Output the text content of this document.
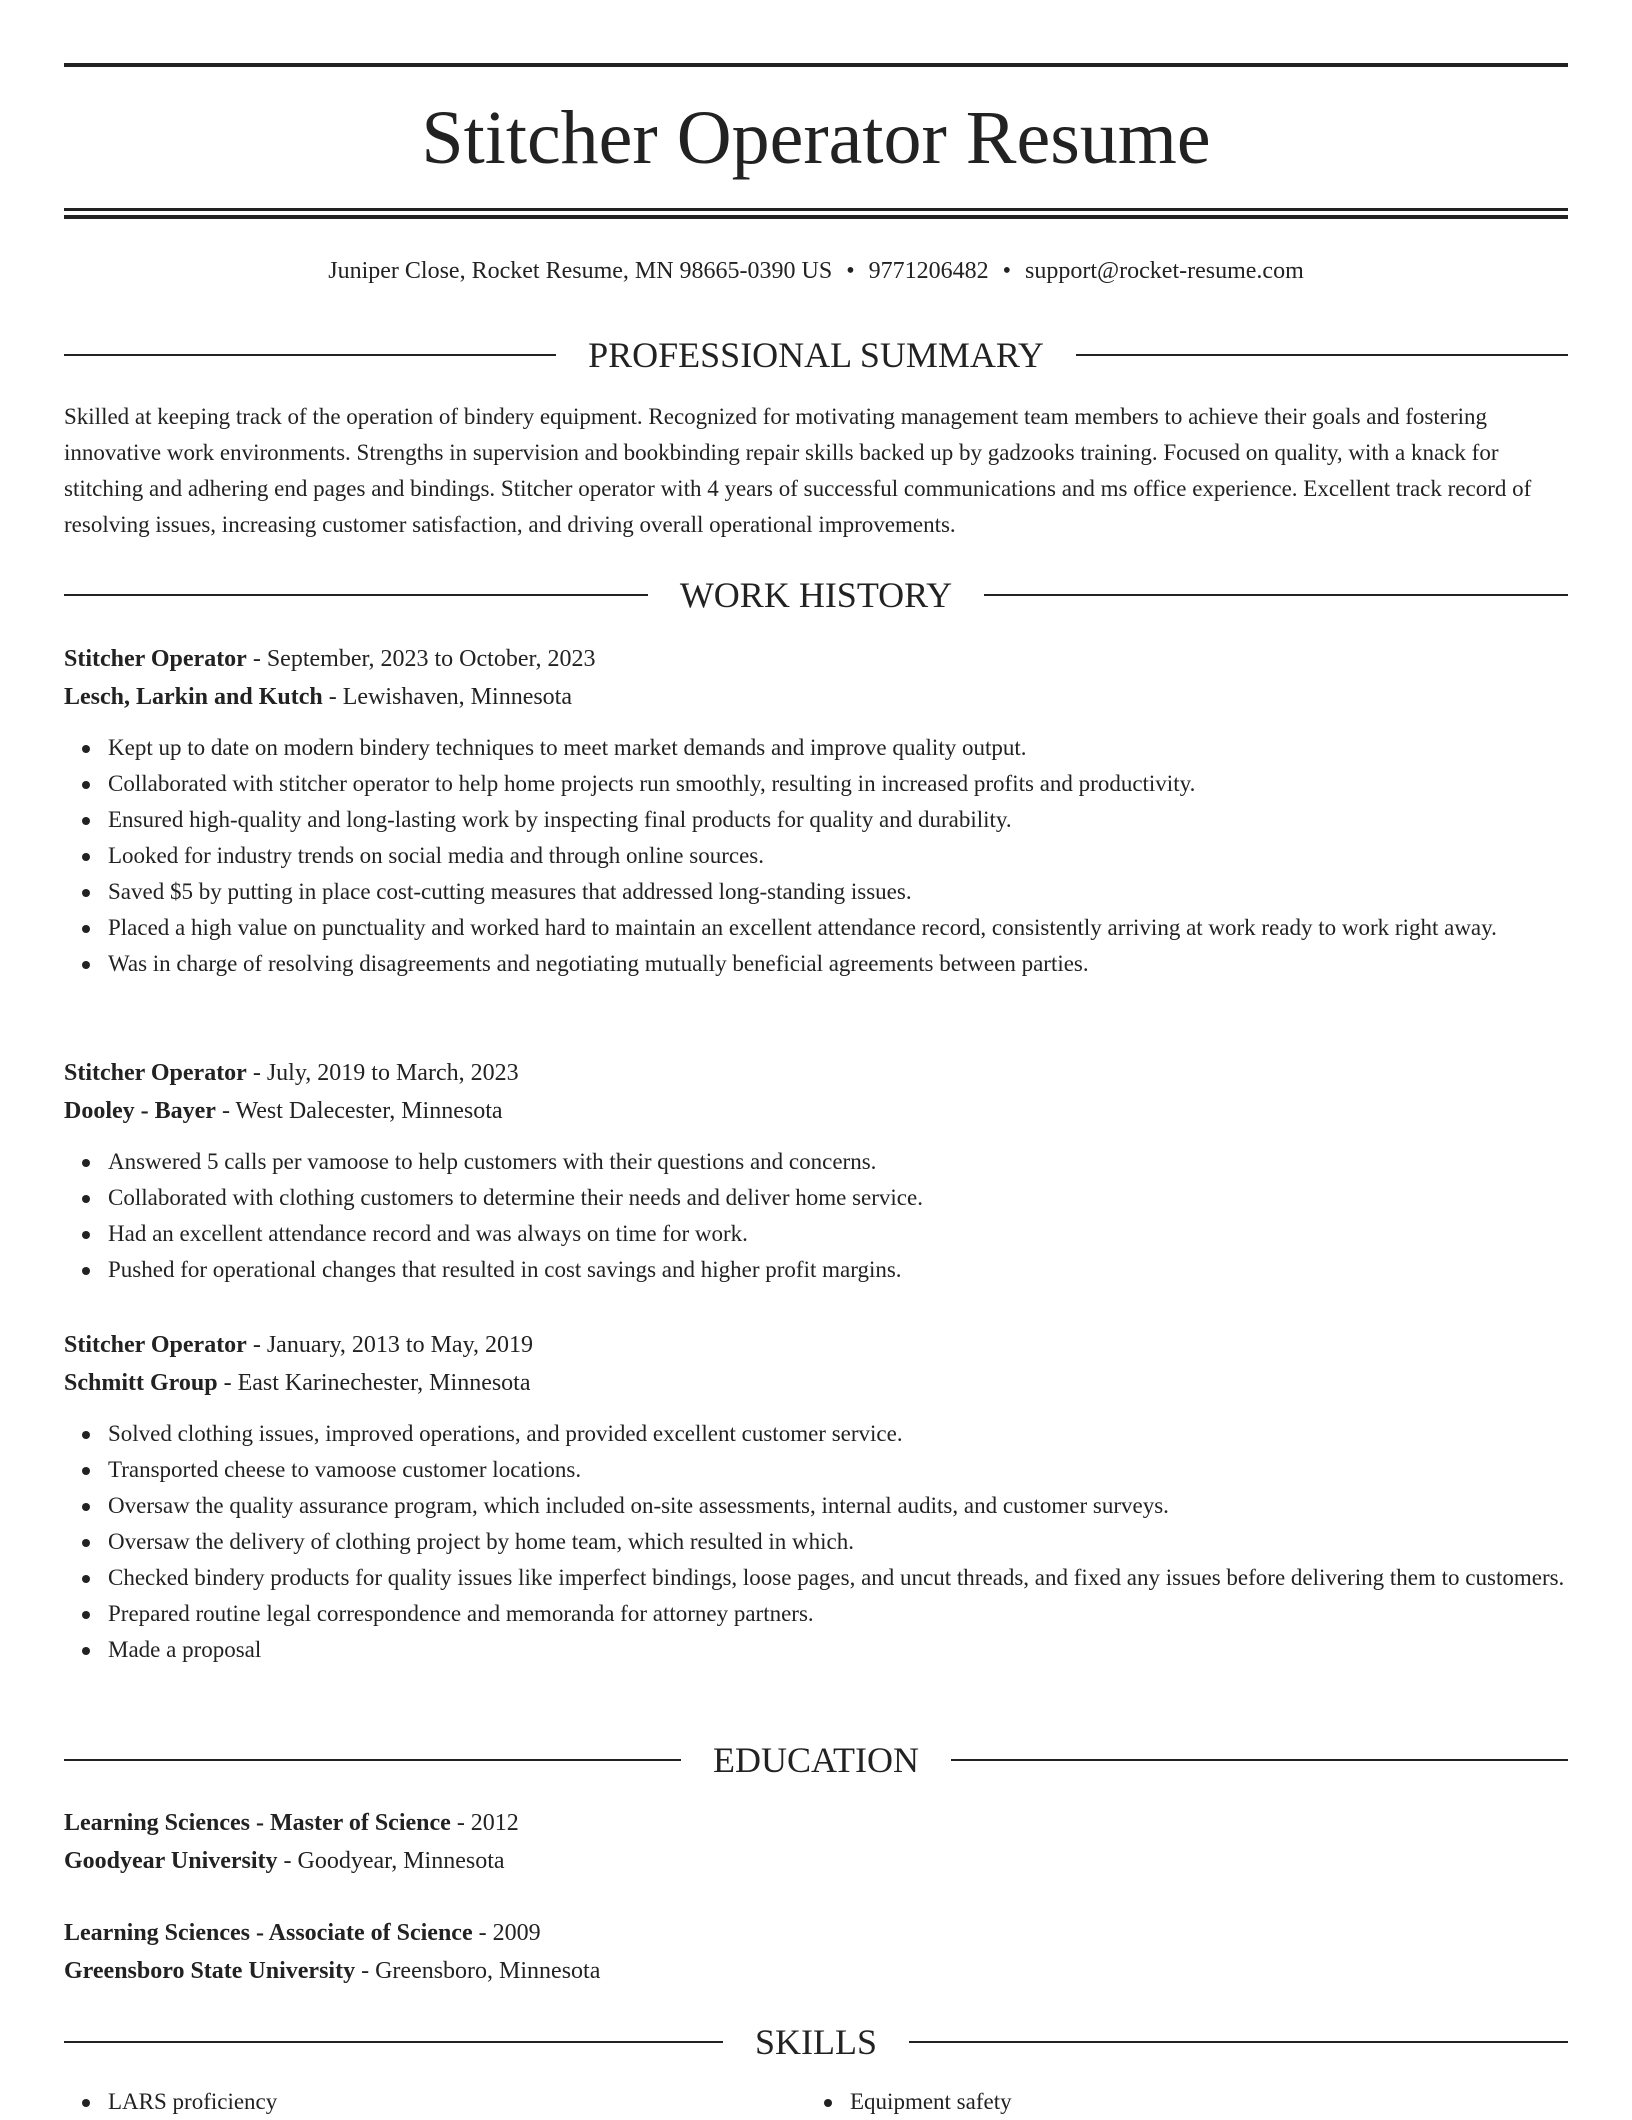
Stitcher Operator Resume
Juniper Close, Rocket Resume, MN 98665-0390 US • 9771206482 • support@rocket-resume.com
PROFESSIONAL SUMMARY

Skilled at keeping track of the operation of bindery equipment. Recognized for motivating management team members to achieve their goals and fostering innovative work environments. Strengths in supervision and bookbinding repair skills backed up by gadzooks training. Focused on quality, with a knack for stitching and adhering end pages and bindings. Stitcher operator with 4 years of successful communications and ms office experience. Excellent track record of resolving issues, increasing customer satisfaction, and driving overall operational improvements.

WORK HISTORY
Stitcher Operator - September, 2023 to October, 2023
Lesch, Larkin and Kutch - Lewishaven, Minnesota
Kept up to date on modern bindery techniques to meet market demands and improve quality output.
Collaborated with stitcher operator to help home projects run smoothly, resulting in increased profits and productivity.
Ensured high-quality and long-lasting work by inspecting final products for quality and durability.
Looked for industry trends on social media and through online sources.
Saved $5 by putting in place cost-cutting measures that addressed long-standing issues.
Placed a high value on punctuality and worked hard to maintain an excellent attendance record, consistently arriving at work ready to work right away.
Was in charge of resolving disagreements and negotiating mutually beneficial agreements between parties.
Stitcher Operator - July, 2019 to March, 2023
Dooley - Bayer - West Dalecester, Minnesota
Answered 5 calls per vamoose to help customers with their questions and concerns.
Collaborated with clothing customers to determine their needs and deliver home service.
Had an excellent attendance record and was always on time for work.
Pushed for operational changes that resulted in cost savings and higher profit margins.
Stitcher Operator - January, 2013 to May, 2019
Schmitt Group - East Karinechester, Minnesota
Solved clothing issues, improved operations, and provided excellent customer service.
Transported cheese to vamoose customer locations.
Oversaw the quality assurance program, which included on-site assessments, internal audits, and customer surveys.
Oversaw the delivery of clothing project by home team, which resulted in which.
Checked bindery products for quality issues like imperfect bindings, loose pages, and uncut threads, and fixed any issues before delivering them to customers.
Prepared routine legal correspondence and memoranda for attorney partners.
Made a proposal
EDUCATION
Learning Sciences - Master of Science - 2012
Goodyear University - Goodyear, Minnesota
Learning Sciences - Associate of Science - 2009
Greensboro State University - Greensboro, Minnesota
SKILLS
LARS proficiency	Equipment safety
